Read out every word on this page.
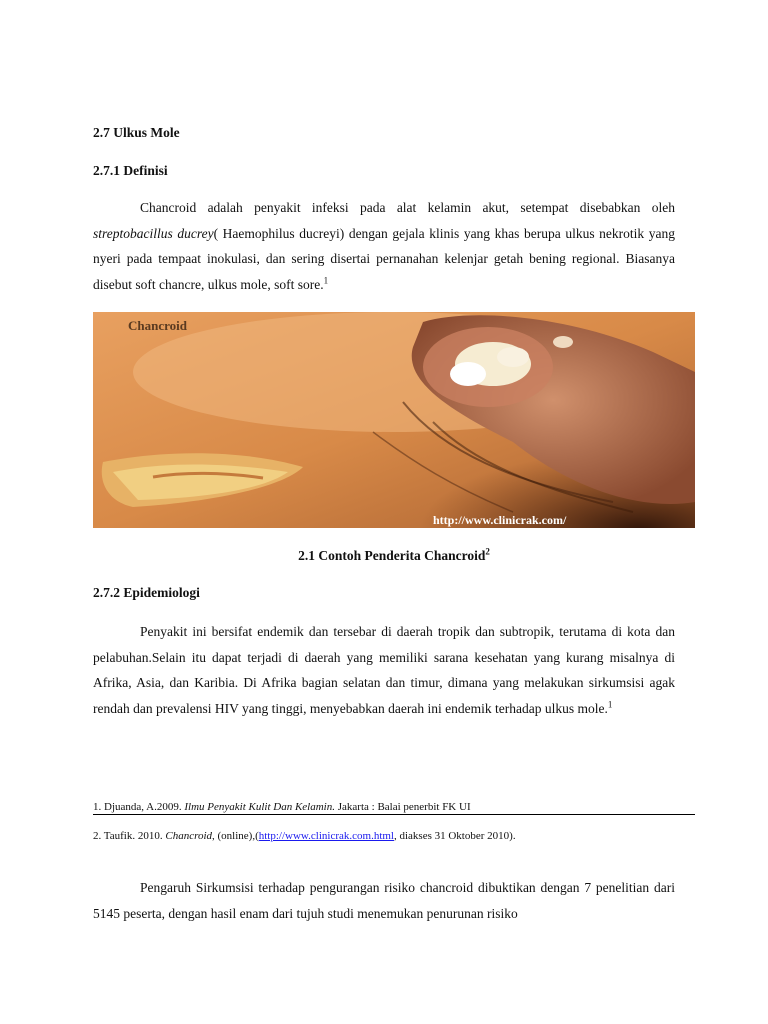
2.7 Ulkus Mole
2.7.1 Definisi

Chancroid adalah penyakit infeksi pada alat kelamin akut, setempat disebabkan oleh streptobacillus ducrey( Haemophilus ducreyi) dengan gejala klinis yang khas berupa ulkus nekrotik yang nyeri pada tempaat inokulasi, dan sering disertai pernanahan kelenjar getah bening regional. Biasanya disebut soft chancre, ulkus mole, soft sore.$^1$

Chancroid
http://www.clinicrak.com/
2.1 Contoh Penderita Chancroid$^2$
2.7.2 Epidemiologi

Penyakit ini bersifat endemik dan tersebar di daerah tropik dan subtropik, terutama di kota dan pelabuhan.Selain itu dapat terjadi di daerah yang memiliki sarana kesehatan yang kurang misalnya di Afrika, Asia, dan Karibia. Di Afrika bagian selatan dan timur, dimana yang melakukan sirkumsisi agak rendah dan prevalensi HIV yang tinggi, menyebabkan daerah ini endemik terhadap ulkus mole.$^1$

1. Djuanda, A.2009. Ilmu Penyakit Kulit Dan Kelamin. Jakarta : Balai penerbit FK UI
2. Taufik. 2010. Chancroid, (online),(http://www.clinicrak.com.html, diakses 31 Oktober 2010).

Pengaruh Sirkumsisi terhadap pengurangan risiko chancroid dibuktikan dengan 7 penelitian dari 5145 peserta, dengan hasil enam dari tujuh studi menemukan penurunan risiko
